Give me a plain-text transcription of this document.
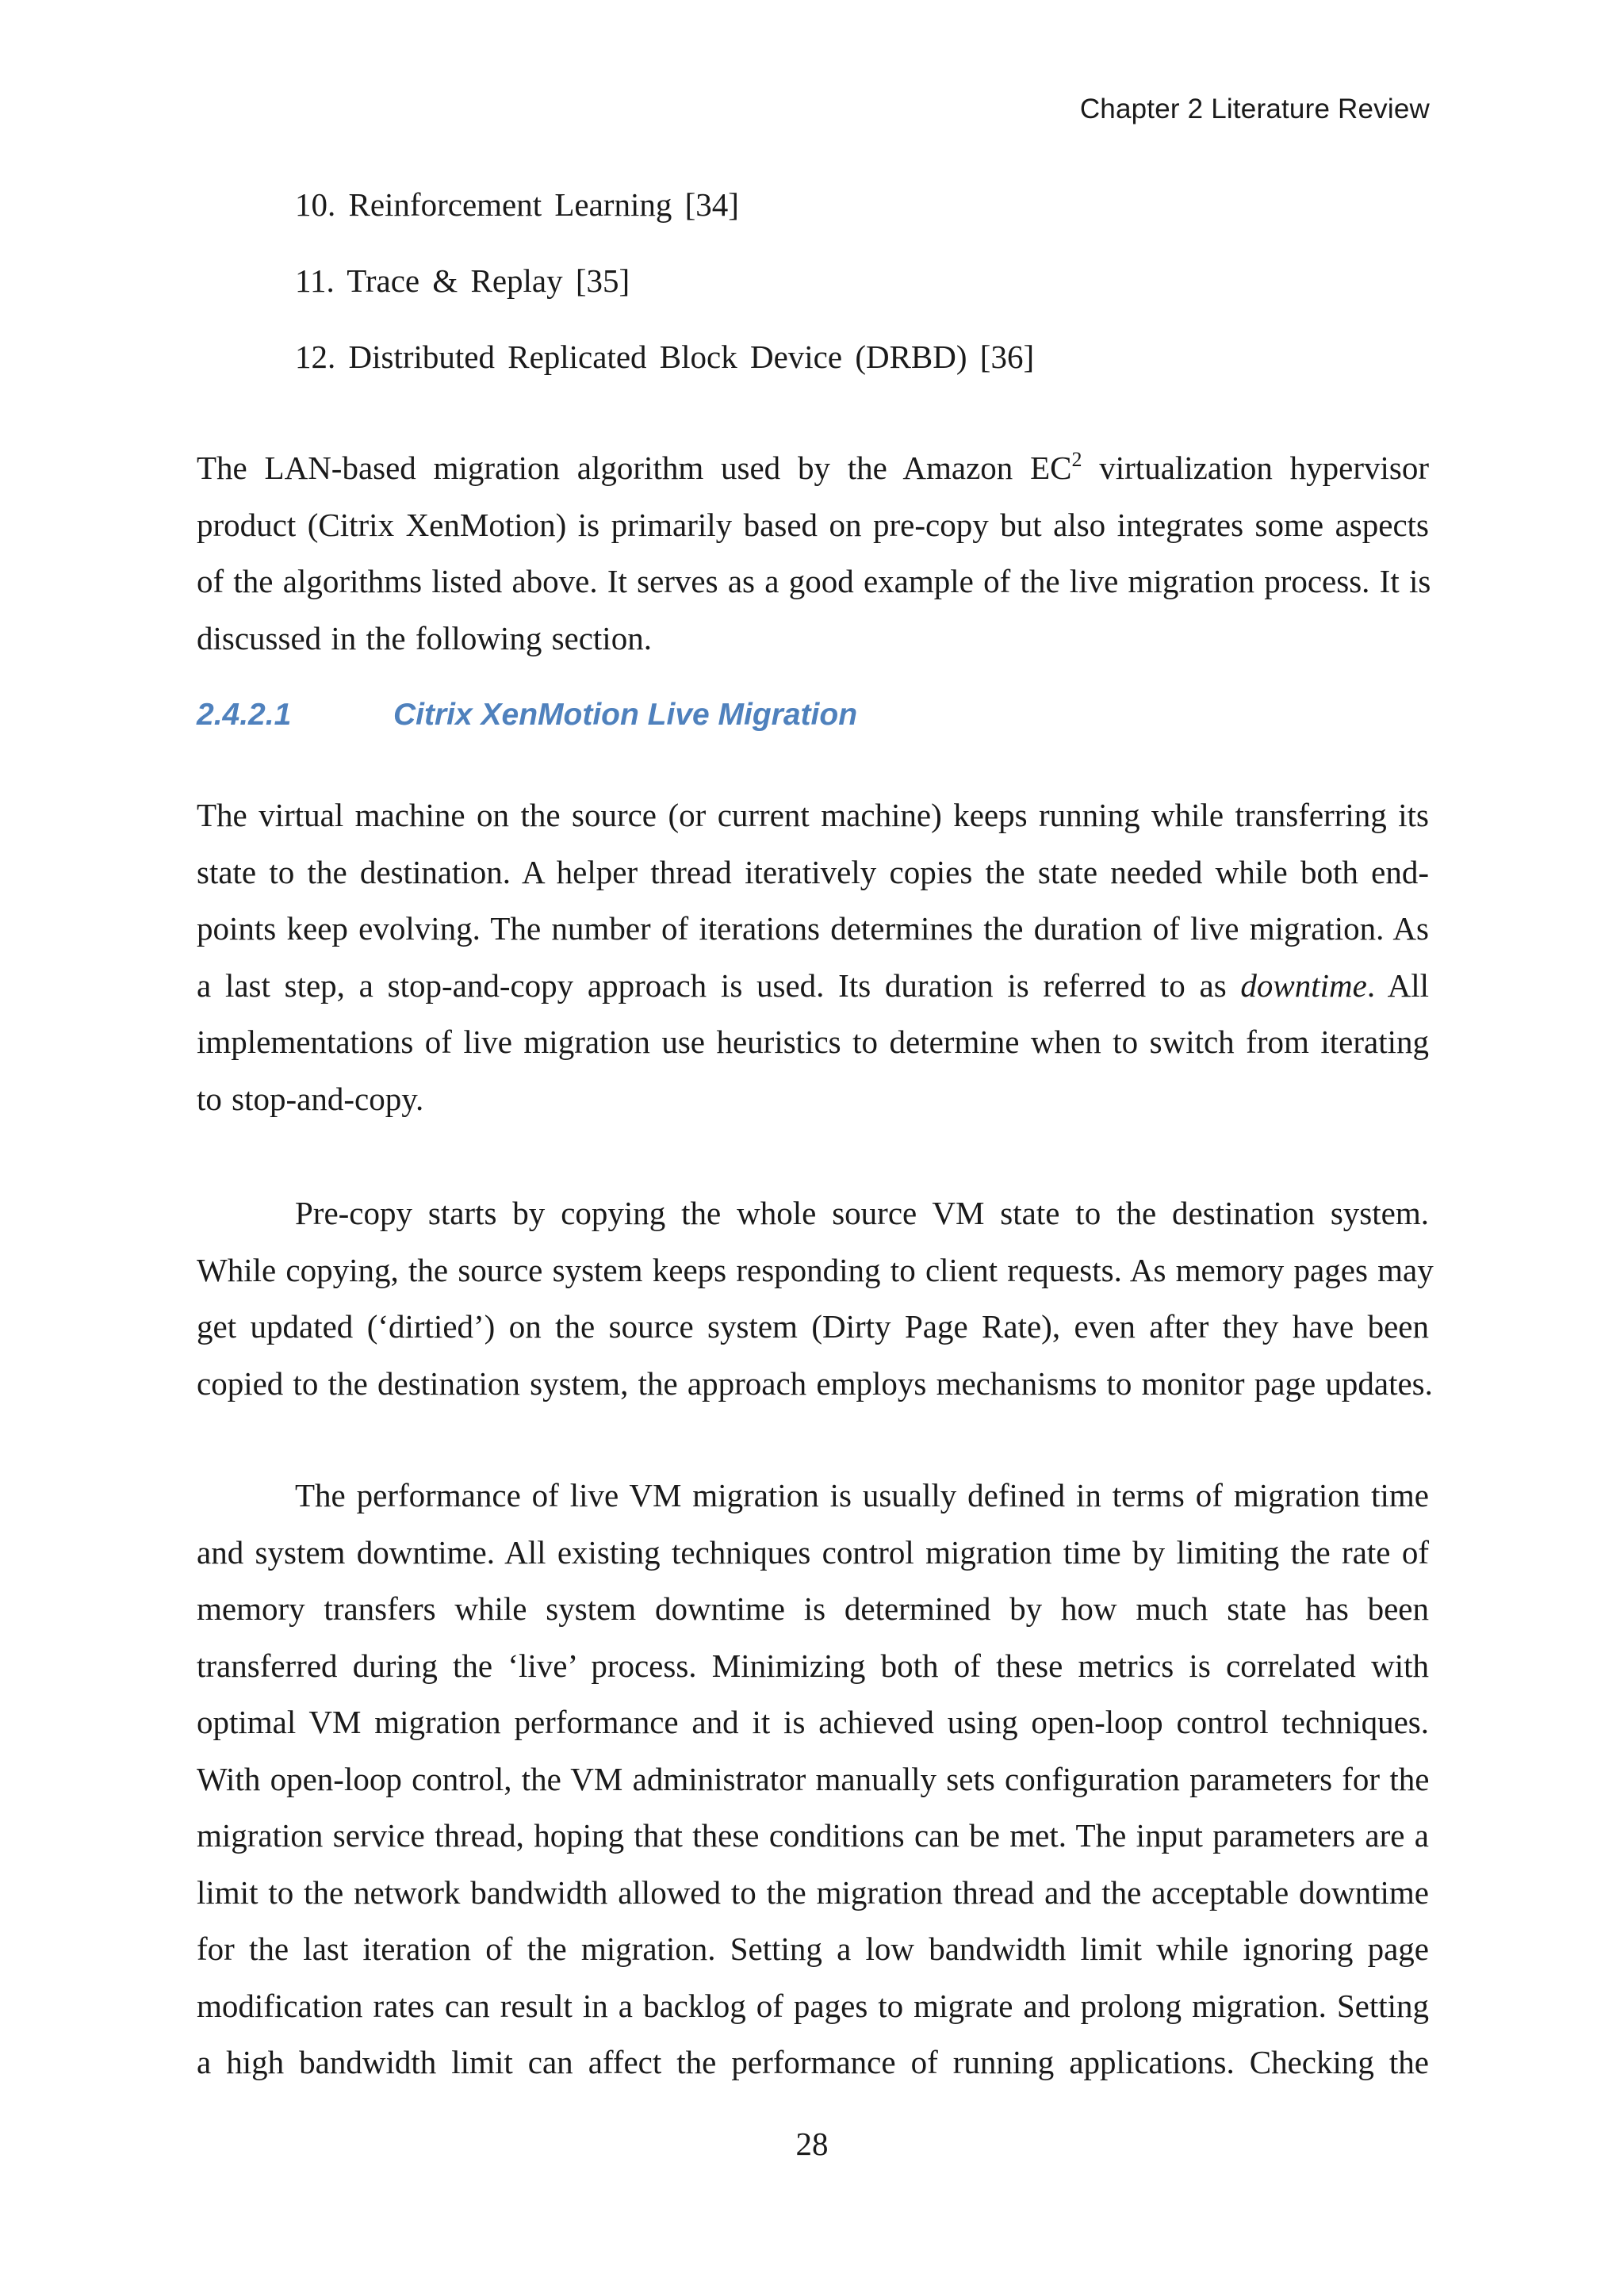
Chapter 2 Literature Review
10. Reinforcement Learning [34]
11. Trace & Replay [35]
12. Distributed Replicated Block Device (DRBD) [36]
The LAN-based migration algorithm used by the Amazon $EC^2$ virtualization hypervisor
product (Citrix XenMotion) is primarily based on pre-copy but also integrates some aspects
of the algorithms listed above. It serves as a good example of the live migration process. It is
discussed in the following section.
2.4.2.1	Citrix XenMotion Live Migration
The virtual machine on the source (or current machine) keeps running while transferring its
state to the destination. A helper thread iteratively copies the state needed while both end-
points keep evolving. The number of iterations determines the duration of live migration. As
a last step, a stop-and-copy approach is used. Its duration is referred to as downtime. All
implementations of live migration use heuristics to determine when to switch from iterating
to stop-and-copy.
Pre-copy starts by copying the whole source VM state to the destination system.
While copying, the source system keeps responding to client requests. As memory pages may
get updated (‘dirtied’) on the source system (Dirty Page Rate), even after they have been
copied to the destination system, the approach employs mechanisms to monitor page updates.
The performance of live VM migration is usually defined in terms of migration time
and system downtime. All existing techniques control migration time by limiting the rate of
memory transfers while system downtime is determined by how much state has been
transferred during the ‘live’ process. Minimizing both of these metrics is correlated with
optimal VM migration performance and it is achieved using open-loop control techniques.
With open-loop control, the VM administrator manually sets configuration parameters for the
migration service thread, hoping that these conditions can be met. The input parameters are a
limit to the network bandwidth allowed to the migration thread and the acceptable downtime
for the last iteration of the migration. Setting a low bandwidth limit while ignoring page
modification rates can result in a backlog of pages to migrate and prolong migration. Setting
a high bandwidth limit can affect the performance of running applications. Checking the
28
